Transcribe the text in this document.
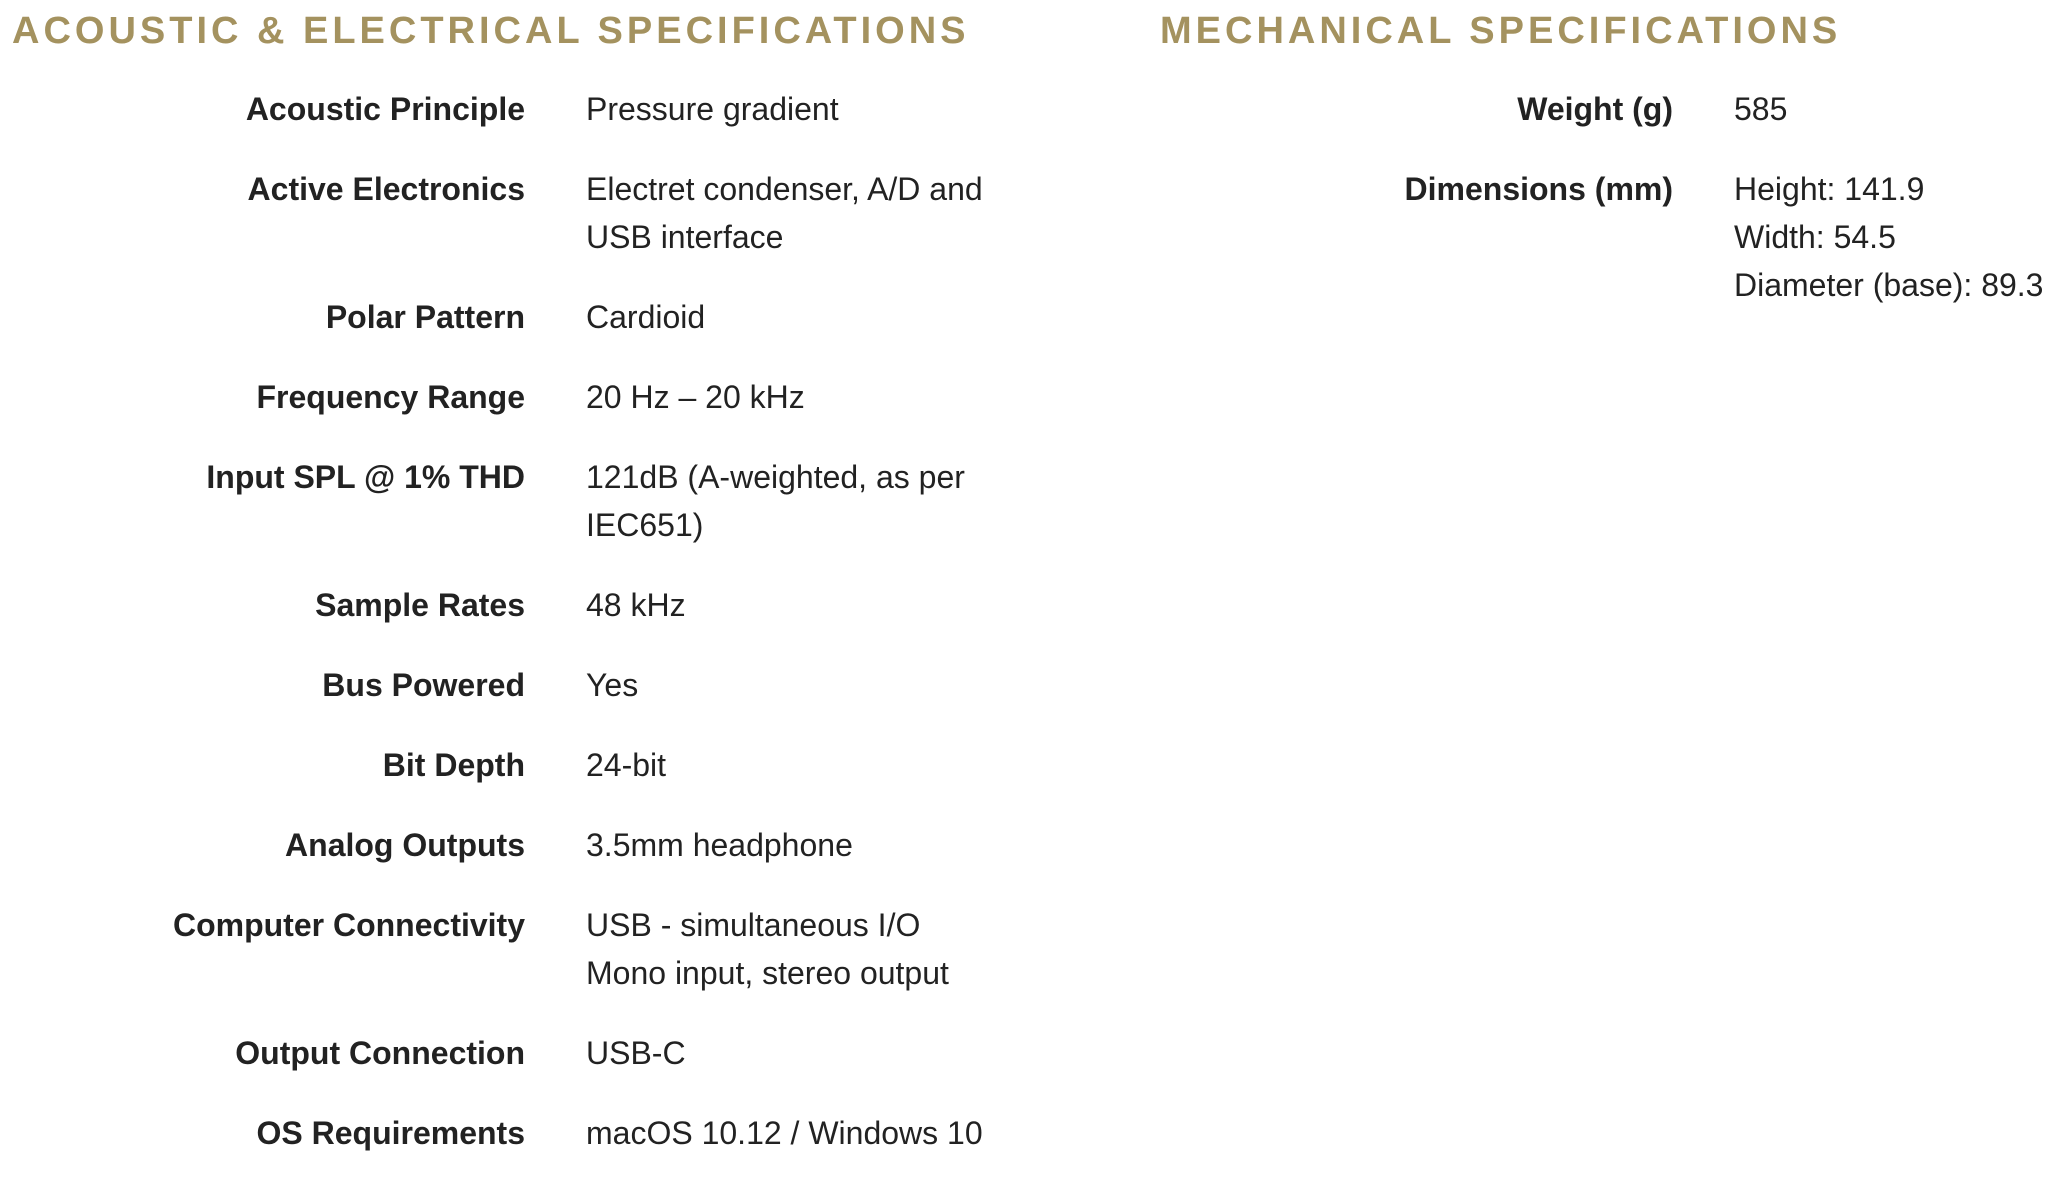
ACOUSTIC & ELECTRICAL SPECIFICATIONS
Acoustic Principle Pressure gradient
Active Electronics Electret condenser, A/D and
USB interface
Polar Pattern Cardioid
Frequency Range 20 Hz – 20 kHz
Input SPL @ 1% THD 121dB (A-weighted, as per
IEC651)
Sample Rates 48 kHz
Bus Powered Yes
Bit Depth 24-bit
Analog Outputs 3.5mm headphone
Computer Connectivity USB - simultaneous I/O
Mono input, stereo output
Output Connection USB-C
OS Requirements macOS 10.12 / Windows 10
MECHANICAL SPECIFICATIONS
Weight (g) 585
Dimensions (mm) Height: 141.9
Width: 54.5
Diameter (base): 89.3
